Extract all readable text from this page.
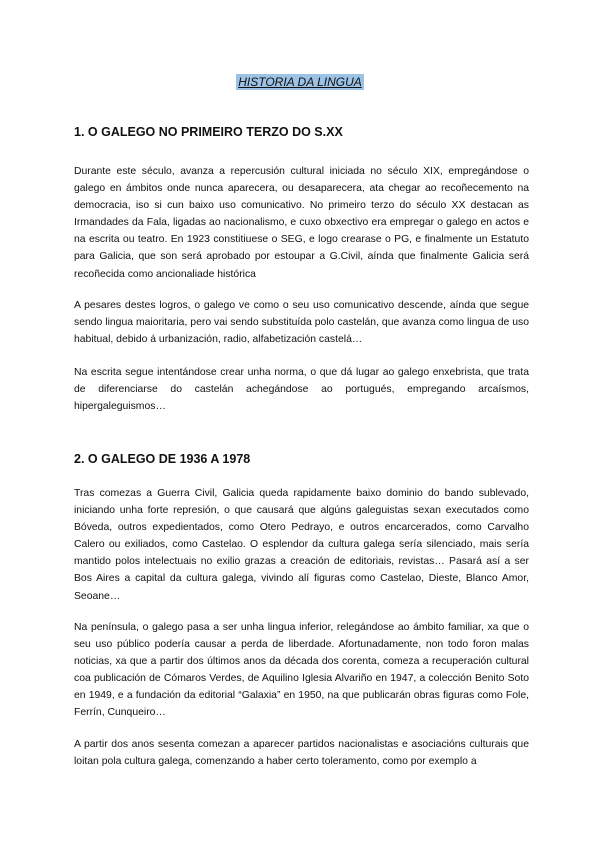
HISTORIA DA LINGUA
1. O GALEGO NO PRIMEIRO TERZO DO S.XX

Durante este século, avanza a repercusión cultural iniciada no século XIX, empregándose o galego en ámbitos onde nunca aparecera, ou desaparecera, ata chegar ao recoñecemento na democracia, iso si cun baixo uso comunicativo. No primeiro terzo do século XX destacan as Irmandades da Fala, ligadas ao nacionalismo, e cuxo obxectivo era empregar o galego en actos e na escrita ou teatro. En 1923 constitiuese o SEG, e logo crearase o PG, e finalmente un Estatuto para Galicia, que son será aprobado por estoupar a G.Civil, aínda que finalmente Galicia será recoñecida como ancionaliade histórica

A pesares destes logros, o galego ve como o seu uso comunicativo descende, aínda que segue sendo lingua maioritaria, pero vai sendo substituída polo castelán, que avanza como lingua de uso habitual, debido á urbanización, radio, alfabetización castelá…

Na escrita segue intentándose crear unha norma, o que dá lugar ao galego enxebrista, que trata de diferenciarse do castelán achegándose ao portugués, empregando arcaísmos, hipergaleguismos…

2. O GALEGO DE 1936 A 1978

Tras comezas a Guerra Civil, Galicia queda rapidamente baixo dominio do bando sublevado, iniciando unha forte represión, o que causará que algúns galeguistas sexan executados como Bóveda, outros expedientados, como Otero Pedrayo, e outros encarcerados, como Carvalho Calero ou exiliados, como Castelao. O esplendor da cultura galega sería silenciado, mais sería mantido polos intelectuais no exilio grazas a creación de editoriais, revistas… Pasará así a ser Bos Aires a capital da cultura galega, vivindo alí figuras como Castelao, Dieste, Blanco Amor, Seoane…

Na península, o galego pasa a ser unha lingua inferior, relegándose ao ámbito familiar, xa que o seu uso público podería causar a perda de liberdade. Afortunadamente, non todo foron malas noticias, xa que a partir dos últimos anos da década dos corenta, comeza a recuperación cultural coa publicación de Cómaros Verdes, de Aquilino Iglesia Alvariño en 1947, a colección Benito Soto en 1949, e a fundación da editorial “Galaxia” en 1950, na que publicarán obras figuras como Fole, Ferrín, Cunqueiro…

A partir dos anos sesenta comezan a aparecer partidos nacionalistas e asociacións culturais que loitan pola cultura galega, comenzando a haber certo toleramento, como por exemplo a
